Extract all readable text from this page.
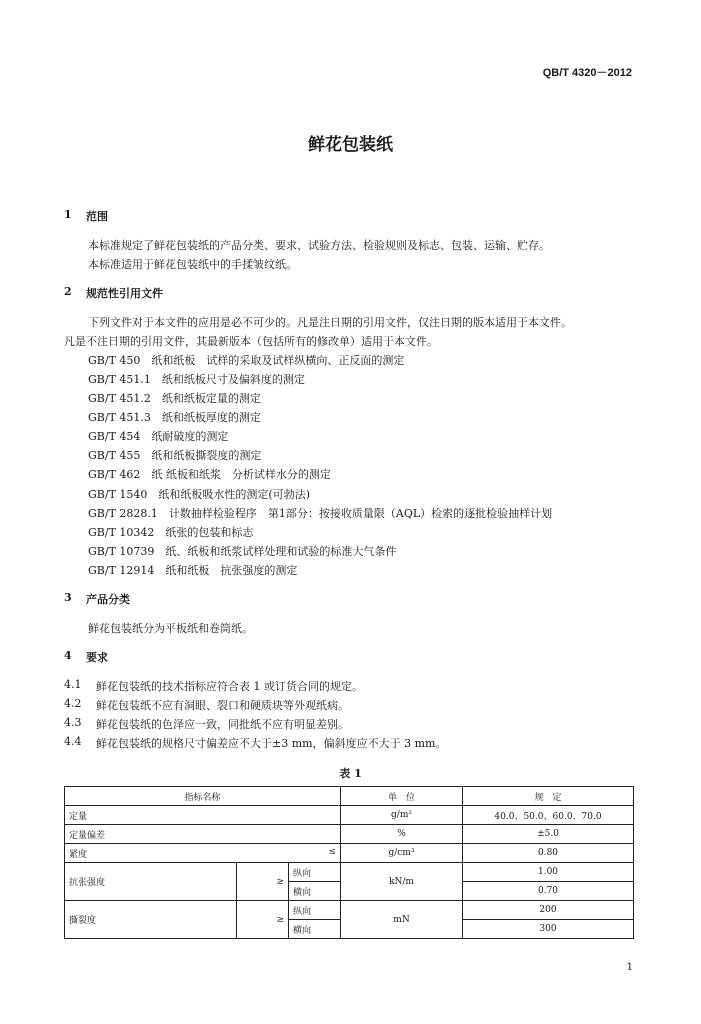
QB/T 4320－2012
鲜花包装纸
1 范围
本标准规定了鲜花包装纸的产品分类、要求、试验方法、检验规则及标志、包装、运输、贮存。
本标准适用于鲜花包装纸中的手揉皱纹纸。
2 规范性引用文件
下列文件对于本文件的应用是必不可少的。凡是注日期的引用文件，仅注日期的版本适用于本文件。
凡是不注日期的引用文件，其最新版本（包括所有的修改单）适用于本文件。
GB/T 450　纸和纸板　试样的采取及试样纵横向、正反面的测定
GB/T 451.1　纸和纸板尺寸及偏斜度的测定
GB/T 451.2　纸和纸板定量的测定
GB/T 451.3　纸和纸板厚度的测定
GB/T 454　纸耐破度的测定
GB/T 455　纸和纸板撕裂度的测定
GB/T 462　纸 纸板和纸浆　分析试样水分的测定
GB/T 1540　纸和纸板吸水性的测定(可勃法)
GB/T 2828.1　计数抽样检验程序　第1部分：按接收质量限（AQL）检索的逐批检验抽样计划
GB/T 10342　纸张的包装和标志
GB/T 10739　纸、纸板和纸浆试样处理和试验的标准大气条件
GB/T 12914　纸和纸板　抗张强度的测定
3 产品分类
鲜花包装纸分为平板纸和卷筒纸。
4 要求
4.1 鲜花包装纸的技术指标应符合表 1 或订货合同的规定。
4.2 鲜花包装纸不应有洞眼、裂口和硬质块等外观纸病。
4.3 鲜花包装纸的色泽应一致，同批纸不应有明显差别。
4.4 鲜花包装纸的规格尺寸偏差应不大于±3 mm，偏斜度应不大于 3 mm。
表 1
指标名称			单　位	规　定
定量			g/m²	40.0、50.0、60.0、70.0
定量偏差			%	±5.0
紧度 ≤			g/cm³	0.80
抗张强度	≥	纵向	kN/m	1.00
		横向		0.70
撕裂度	≥	纵向	mN	200
		横向		300
1
